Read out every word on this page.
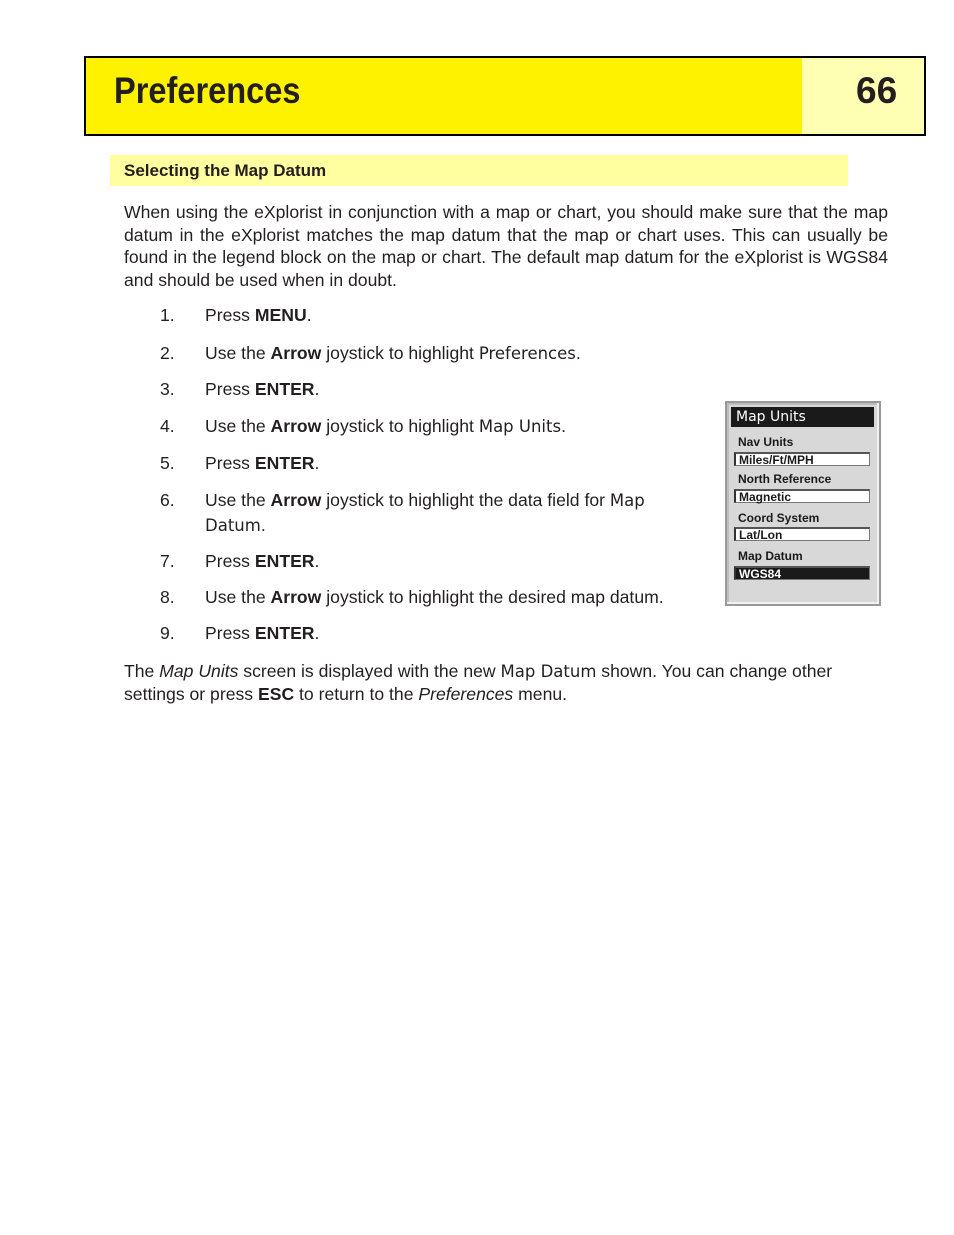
Preferences	66
Selecting the Map Datum
When using the eXplorist in conjunction with a map or chart, you should make sure that the map datum in the eXplorist matches the map datum that the map or chart uses. This can usually be found in the legend block on the map or chart. The default map datum for the eXplorist is WGS84 and should be used when in doubt.
1.	Press MENU.
2.	Use the Arrow joystick to highlight Preferences.
3.	Press ENTER.
4.	Use the Arrow joystick to highlight Map Units.
5.	Press ENTER.
6.	Use the Arrow joystick to highlight the data field for Map
Datum.
7.	Press ENTER.
8.	Use the Arrow joystick to highlight the desired map datum.
9.	Press ENTER.
The Map Units screen is displayed with the new Map Datum shown. You can change other settings or press ESC to return to the Preferences menu.
Map Units
Nav Units
Miles/Ft/MPH
North Reference
Magnetic
Coord System
Lat/Lon
Map Datum
WGS84
